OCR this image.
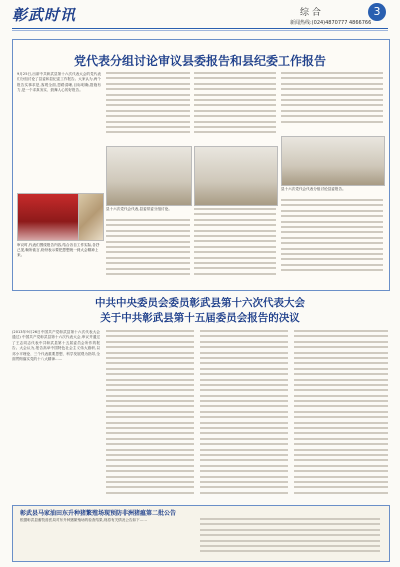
彰武时讯	综 合	3
新闻热线:(024)4870777 4866766
党代表分组讨论审议县委报告和县纪委工作报告
9月25日,出席中共彰武县第十六次代表大会的党代表们分组讨论了县委和县纪委工作报告。大家认为,两个报告实事求是,客观全面,思路清晰,目标明确,措施有力,是一个求真务实、鼓舞人心的好报告。
审议时,代表们围绕报告内容,结合各自工作实际,各抒己见,畅所欲言,纷纷表示要把思想统一到大会精神上来。
县十六次党代会代表,县委常委分组讨论。
县十六次党代会代表分组讨论县委报告。
中共中央委员会委员彰武县第十六次代表大会
关于中共彰武县第十五届委员会报告的决议
(2013年9月26日中国共产党彰武县第十六次代表大会通过) 中国共产党彰武县第十六次代表大会,审议并通过了王志同志代表中共彰武县第十五届委员会所作的报告。大会认为,报告高举中国特色社会主义伟大旗帜,以邓小平理论、三个代表重要思想、科学发展观为指导,全面贯彻落实党的十八大精神……
彰武县马家油田东升种猪繁殖场现预防非洲猪瘟第二批公告
根据彰武县畜牧兽医局对东升种猪繁殖场的检查结果,现将有关情况公告如下……
